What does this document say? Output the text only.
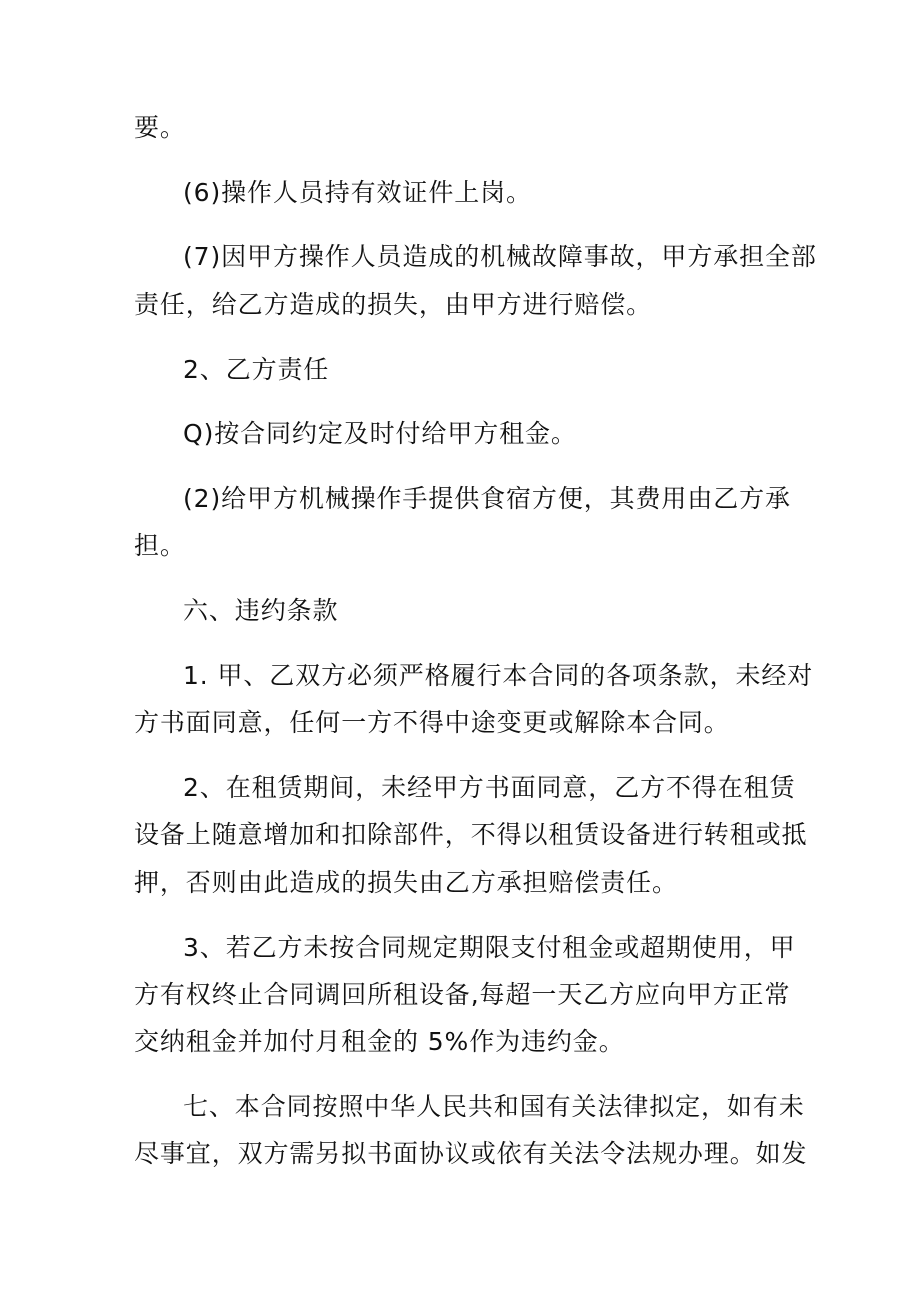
要。
(6)操作人员持有效证件上岗。
(7)因甲方操作人员造成的机械故障事故，甲方承担全部
责任，给乙方造成的损失，由甲方进行赔偿。
2、乙方责任
Q)按合同约定及时付给甲方租金。
(2)给甲方机械操作手提供食宿方便，其费用由乙方承
担。
六、违约条款
1. 甲、乙双方必须严格履行本合同的各项条款，未经对
方书面同意，任何一方不得中途变更或解除本合同。
2、在租赁期间，未经甲方书面同意，乙方不得在租赁
设备上随意增加和扣除部件，不得以租赁设备进行转租或抵
押，否则由此造成的损失由乙方承担赔偿责任。
3、若乙方未按合同规定期限支付租金或超期使用，甲
方有权终止合同调回所租设备,每超一天乙方应向甲方正常
交纳租金并加付月租金的 5%作为违约金。
七、本合同按照中华人民共和国有关法律拟定，如有未
尽事宜，双方需另拟书面协议或依有关法令法规办理。如发
